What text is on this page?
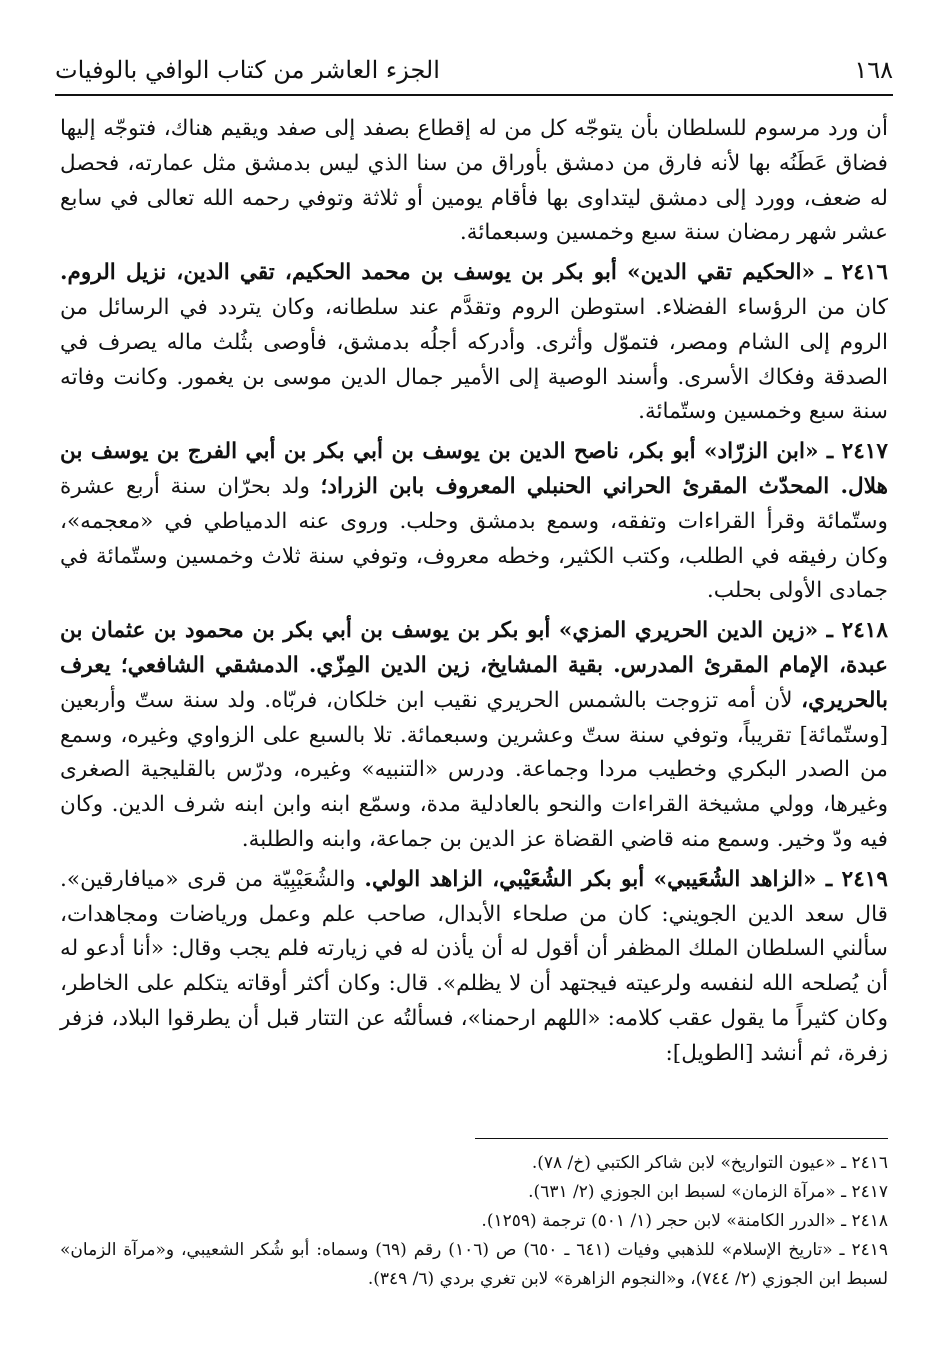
١٦٨
الجزء العاشر من كتاب الوافي بالوفيات

أن ورد مرسوم للسلطان بأن يتوجّه كل من له إقطاع بصفد إلى صفد ويقيم هناك، فتوجّه إليها فضاق عَطَنُه بها لأنه فارق من دمشق بأوراق من سنا الذي ليس بدمشق مثل عمارته، فحصل له ضعف، وورد إلى دمشق ليتداوى بها فأقام يومين أو ثلاثة وتوفي رحمه الله تعالى في سابع عشر شهر رمضان سنة سبع وخمسين وسبعمائة.

٢٤١٦ ـ «الحكيم تقي الدين» أبو بكر بن يوسف بن محمد الحكيم، تقي الدين، نزيل الروم. كان من الرؤساء الفضلاء. استوطن الروم وتقدَّم عند سلطانه، وكان يتردد في الرسائل من الروم إلى الشام ومصر، فتموّل وأثرى. وأدركه أجلُه بدمشق، فأوصى بثُلث ماله يصرف في الصدقة وفكاك الأسرى. وأسند الوصية إلى الأمير جمال الدين موسى بن يغمور. وكانت وفاته سنة سبع وخمسين وستّمائة.

٢٤١٧ ـ «ابن الزرّاد» أبو بكر، ناصح الدين بن يوسف بن أبي بكر بن أبي الفرج بن يوسف بن هلال. المحدّث المقرئ الحراني الحنبلي المعروف بابن الزراد؛ ولد بحرّان سنة أربع عشرة وستّمائة وقرأ القراءات وتفقه، وسمع بدمشق وحلب. وروى عنه الدمياطي في «معجمه»، وكان رفيقه في الطلب، وكتب الكثير، وخطه معروف، وتوفي سنة ثلاث وخمسين وستّمائة في جمادى الأولى بحلب.

٢٤١٨ ـ «زين الدين الحريري المزي» أبو بكر بن يوسف بن أبي بكر بن محمود بن عثمان بن عبدة، الإمام المقرئ المدرس. بقية المشايخ، زين الدين المِزّي. الدمشقي الشافعي؛ يعرف بالحريري، لأن أمه تزوجت بالشمس الحريري نقيب ابن خلكان، فربّاه. ولد سنة ستّ وأربعين [وستّمائة] تقريباً، وتوفي سنة ستّ وعشرين وسبعمائة. تلا بالسبع على الزواوي وغيره، وسمع من الصدر البكري وخطيب مردا وجماعة. ودرس «التنبيه» وغيره، ودرّس بالقليجية الصغرى وغيرها، وولي مشيخة القراءات والنحو بالعادلية مدة، وسمّع ابنه وابن ابنه شرف الدين. وكان فيه ودّ وخير. وسمع منه قاضي القضاة عز الدين بن جماعة، وابنه والطلبة.

٢٤١٩ ـ «الزاهد الشُعَيبي» أبو بكر الشُعَيْبي، الزاهد الولي. والشُعَيْبِيّة من قرى «ميافارقين». قال سعد الدين الجويني: كان من صلحاء الأبدال، صاحب علم وعمل ورياضات ومجاهدات، سألني السلطان الملك المظفر أن أقول له أن يأذن له في زيارته فلم يجب وقال: «أنا أدعو له أن يُصلحه الله لنفسه ولرعيته فيجتهد أن لا يظلم». قال: وكان أكثر أوقاته يتكلم على الخاطر، وكان كثيراً ما يقول عقب كلامه: «اللهم ارحمنا»، فسألتُه عن التتار قبل أن يطرقوا البلاد، فزفر زفرة، ثم أنشد [الطويل]:

٢٤١٦ ـ «عيون التواريخ» لابن شاكر الكتبي (خ/ ٧٨).

٢٤١٧ ـ «مرآة الزمان» لسبط ابن الجوزي (٢/ ٦٣١).

٢٤١٨ ـ «الدرر الكامنة» لابن حجر (١/ ٥٠١) ترجمة (١٢٥٩).

٢٤١٩ ـ «تاريخ الإسلام» للذهبي وفيات (٦٤١ ـ ٦٥٠) ص (١٠٦) رقم (٦٩) وسماه: أبو شُكر الشعيبي، و«مرآة الزمان» لسبط ابن الجوزي (٢/ ٧٤٤)، و«النجوم الزاهرة» لابن تغري بردي (٦/ ٣٤٩).
